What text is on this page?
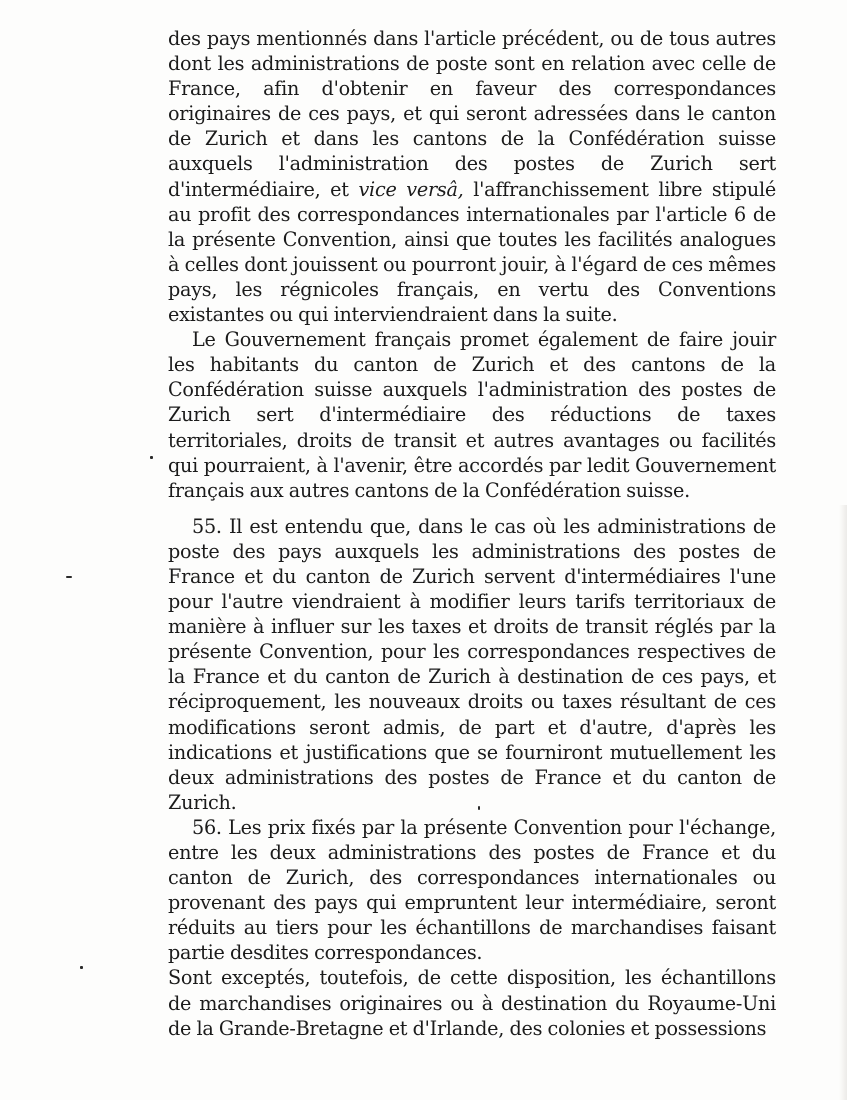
des pays mentionnés dans l'article précédent, ou de tous autres dont les administrations de poste sont en relation avec celle de France, afin d'obtenir en faveur des correspondances originaires de ces pays, et qui seront adressées dans le canton de Zurich et dans les cantons de la Confédération suisse auxquels l'administration des postes de Zurich sert d'intermédiaire, et vice versâ, l'affranchissement libre stipulé au profit des correspondances internationales par l'article 6 de la présente Convention, ainsi que toutes les facilités analogues à celles dont jouissent ou pourront jouir, à l'égard de ces mêmes pays, les régnicoles français, en vertu des Conventions existantes ou qui interviendraient dans la suite.

Le Gouvernement français promet également de faire jouir les habitants du canton de Zurich et des cantons de la Confédération suisse auxquels l'administration des postes de Zurich sert d'intermédiaire des réductions de taxes territoriales, droits de transit et autres avantages ou facilités qui pourraient, à l'avenir, être accordés par ledit Gouvernement français aux autres cantons de la Confédération suisse.

55. Il est entendu que, dans le cas où les administrations de poste des pays auxquels les administrations des postes de France et du canton de Zurich servent d'intermédiaires l'une pour l'autre viendraient à modifier leurs tarifs territoriaux de manière à influer sur les taxes et droits de transit réglés par la présente Convention, pour les correspondances respectives de la France et du canton de Zurich à destination de ces pays, et réciproquement, les nouveaux droits ou taxes résultant de ces modifications seront admis, de part et d'autre, d'après les indications et justifications que se fourniront mutuellement les deux administrations des postes de France et du canton de Zurich.

56. Les prix fixés par la présente Convention pour l'échange, entre les deux administrations des postes de France et du canton de Zurich, des correspondances internationales ou provenant des pays qui empruntent leur intermédiaire, seront réduits au tiers pour les échantillons de marchandises faisant partie desdites correspondances.

Sont exceptés, toutefois, de cette disposition, les échantillons de marchandises originaires ou à destination du Royaume-Uni de la Grande-Bretagne et d'Irlande, des colonies et possessions
